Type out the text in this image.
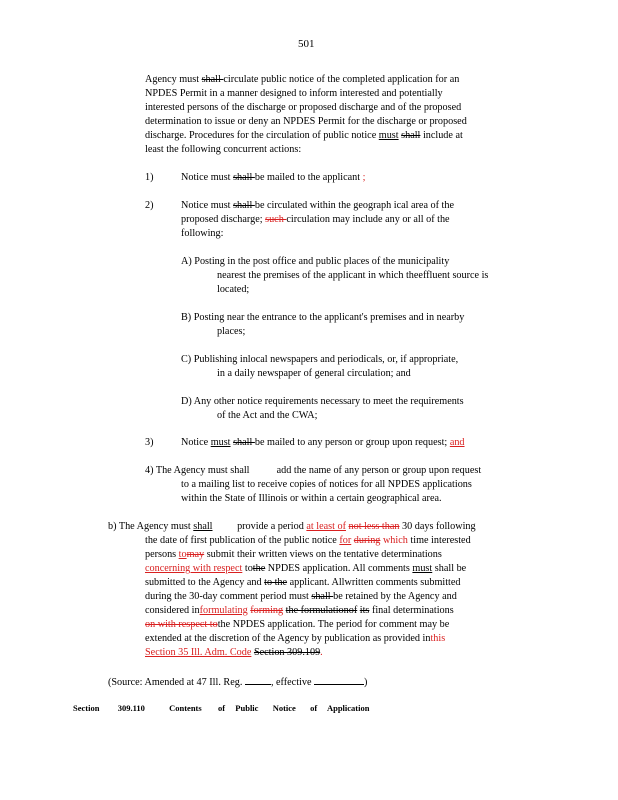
501
Agency must shall circulate public notice of the completed application for an
NPDES Permit in a manner designed to inform interested and potentially
interested persons of the discharge or proposed discharge and of the proposed
determination to issue or deny an NPDES Permit for the discharge or proposed
discharge. Procedures for the circulation of public notice must shall include at
least the following concurrent actions:
1)	Notice must shall be mailed to the applicant ;
2)	Notice must shall be circulated within the geograph ical area of the
proposed discharge; such circulation may include any or all of the
following:
A) Posting in the post office and public places of the municipality
nearest the premises of the applicant in which theeffluent source is
located;
B) Posting near the entrance to the applicant's premises and in nearby
places;
C) Publishing inlocal newspapers and periodicals, or, if appropriate,
in a daily newspaper of general circulation; and
D) Any other notice requirements necessary to meet the requirements
of the Act and the CWA;
3)	Notice must shall be mailed to any person or group upon request; and
4) The Agency must shall	add the name of any person or group upon request
to a mailing list to receive copies of notices for all NPDES applications
within the State of Illinois or within a certain geographical area.
b) The Agency must shall provide a period at least of not less than 30 days following
the date of first publication of the public notice for during which time interested
persons tomay submit their written views on the tentative determinations
concerning with respect tothe NPDES application. All comments must shall be
submitted to the Agency and to the applicant. Allwritten comments submitted
during the 30-day comment period must shall be retained by the Agency and
considered informulating forming the formulationof its final determinations
on with respect tothe NPDES application. The period for comment may be
extended at the discretion of the Agency by publication as provided inthis
Section 35 Ill. Adm. Code Section 309.109.
(Source: Amended at 47 Ill. Reg.	, effective	)
Section 309.110	Contents of Public Notice of Application
